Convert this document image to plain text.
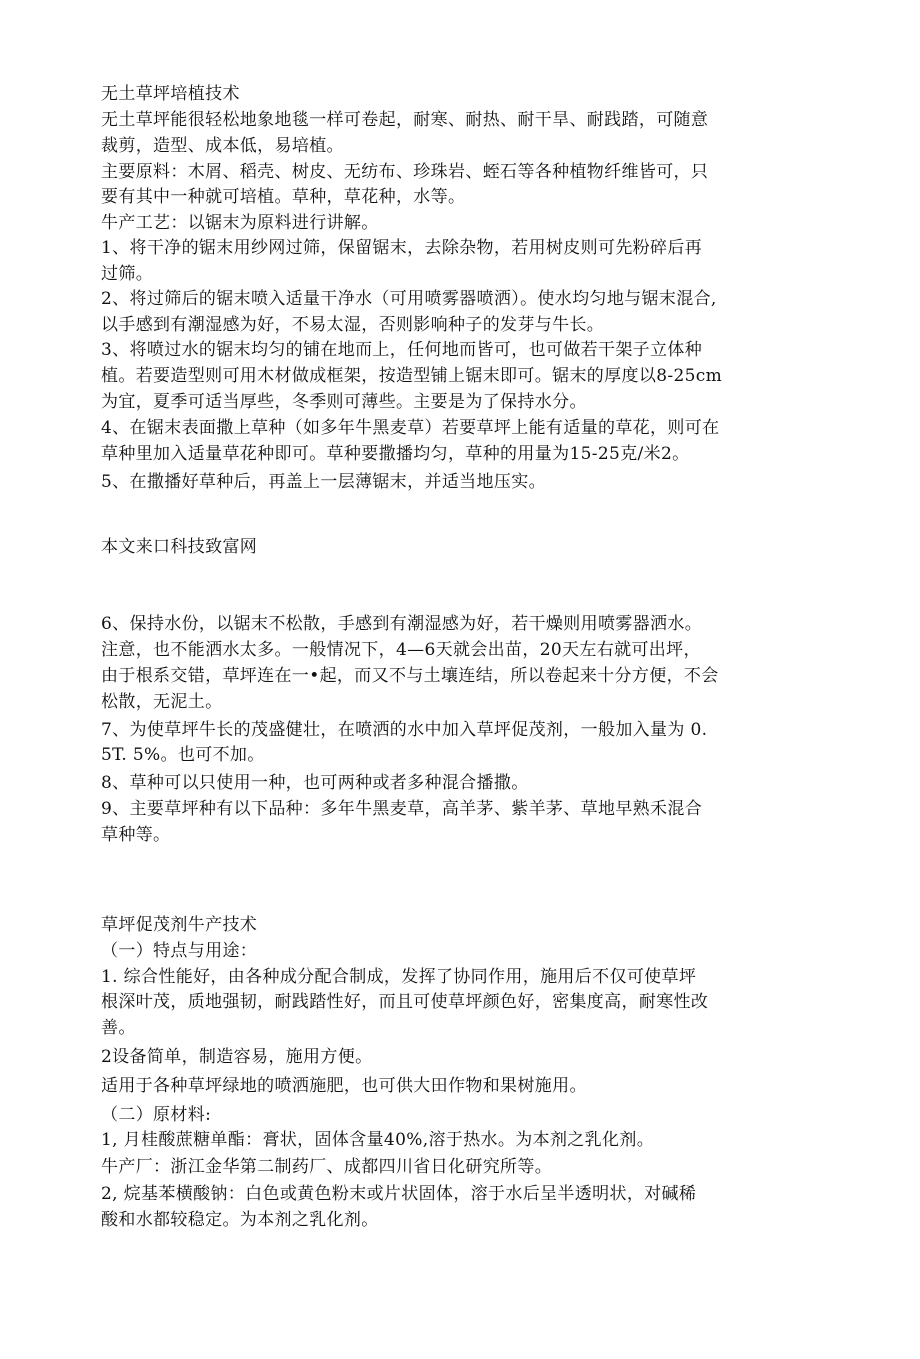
无土草坪培植技术
无土草坪能很轻松地象地毯一样可卷起，耐寒、耐热、耐干旱、耐践踏，可随意
裁剪，造型、成本低，易培植。
主要原料：木屑、稻壳、树皮、无纺布、珍珠岩、蛭石等各种植物纤维皆可，只
要有其中一种就可培植。草种，草花种，水等。
牛产工艺：以锯末为原料进行讲解。
1、将干净的锯末用纱网过筛，保留锯末，去除杂物，若用树皮则可先粉碎后再
过筛。
2、将过筛后的锯末喷入适量干净水（可用喷雾器喷洒）。使水均匀地与锯末混合,
以手感到有潮湿感为好，不易太湿，否则影响种子的发芽与牛长。
3、将喷过水的锯末均匀的铺在地而上，任何地而皆可，也可做若干架子立体种
植。若要造型则可用木材做成框架，按造型铺上锯末即可。锯末的厚度以8-25cm
为宜，夏季可适当厚些，冬季则可薄些。主要是为了保持水分。
4、在锯末表面撒上草种（如多年牛黑麦草）若要草坪上能有适量的草花，则可在
草种里加入适量草花种即可。草种要撒播均匀，草种的用量为15-25克/米2。
5、在撒播好草种后，再盖上一层薄锯末，并适当地压实。
本文来口科技致富网
6、保持水份，以锯末不松散，手感到有潮湿感为好，若干燥则用喷雾器洒水。
注意，也不能洒水太多。一般情况下，4—6天就会出苗，20天左右就可出坪，
由于根系交错，草坪连在一•起，而又不与土壤连结，所以卷起来十分方便，不会
松散，无泥土。
7、为使草坪牛长的茂盛健壮，在喷洒的水中加入草坪促茂剂，一般加入量为 0.
5T. 5%。也可不加。
8、草种可以只使用一种，也可两种或者多种混合播撒。
9、主要草坪种有以下品种：多年牛黑麦草，高羊茅、紫羊茅、草地早熟禾混合
草种等。
草坪促茂剂牛产技术
（一）特点与用途：
1. 综合性能好，由各种成分配合制成，发挥了协同作用，施用后不仅可使草坪
根深叶茂，质地强韧，耐践踏性好，而且可使草坪颜色好，密集度高，耐寒性改
善。
2设备简单，制造容易，施用方便。
适用于各种草坪绿地的喷洒施肥，也可供大田作物和果树施用。
（二）原材料:
1, 月桂酸蔗糖单酯：膏状，固体含量40%,溶于热水。为本剂之乳化剂。
牛产厂：浙江金华第二制药厂、成都四川省日化研究所等。
2, 烷基苯横酸钠：白色或黄色粉末或片状固体，溶于水后呈半透明状，对碱稀
酸和水都较稳定。为本剂之乳化剂。
